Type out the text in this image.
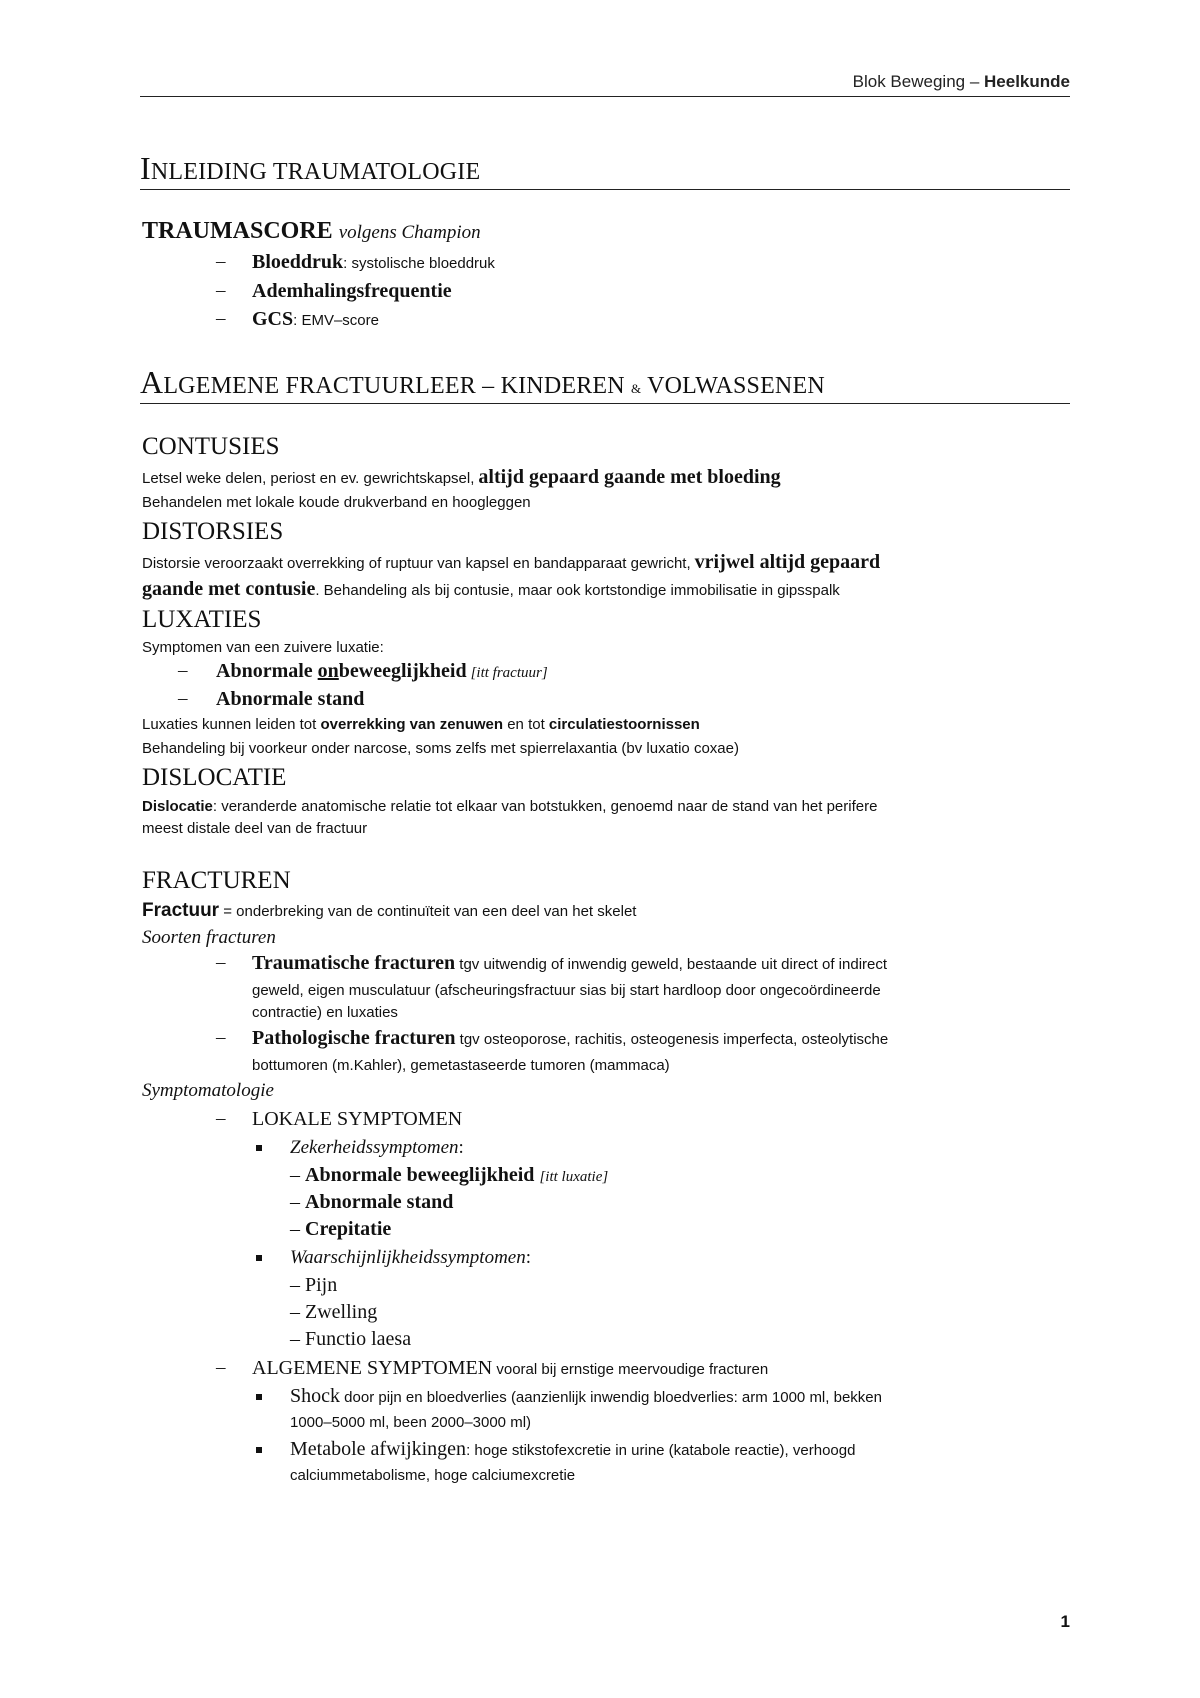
Blok Beweging – Heelkunde
INLEIDING TRAUMATOLOGIE
TRAUMASCORE volgens Champion
– Bloeddruk: systolische bloeddruk
– Ademhalingsfrequentie
– GCS: EMV–score
ALGEMENE FRACTUURLEER – KINDEREN & VOLWASSENEN
CONTUSIES
Letsel weke delen, periost en ev. gewrichtskapsel, altijd gepaard gaande met bloeding
Behandelen met lokale koude drukverband en hoogleggen
DISTORSIES
Distorsie veroorzaakt overrekking of ruptuur van kapsel en bandapparaat gewricht, vrijwel altijd gepaard
gaande met contusie. Behandeling als bij contusie, maar ook kortstondige immobilisatie in gipsspalk
LUXATIES
Symptomen van een zuivere luxatie:
– Abnormale onbeweeglijkheid [itt fractuur]
– Abnormale stand
Luxaties kunnen leiden tot overrekking van zenuwen en tot circulatiestoornissen
Behandeling bij voorkeur onder narcose, soms zelfs met spierrelaxantia (bv luxatio coxae)
DISLOCATIE
Dislocatie: veranderde anatomische relatie tot elkaar van botstukken, genoemd naar de stand van het perifere
meest distale deel van de fractuur
FRACTUREN
Fractuur = onderbreking van de continuïteit van een deel van het skelet
Soorten fracturen
– Traumatische fracturen tgv uitwendig of inwendig geweld, bestaande uit direct of indirect
geweld, eigen musculatuur (afscheuringsfractuur sias bij start hardloop door ongecoördineerde
contractie) en luxaties
– Pathologische fracturen tgv osteoporose, rachitis, osteogenesis imperfecta, osteolytische
bottumoren (m.Kahler), gemetastaseerde tumoren (mammaca)
Symptomatologie
– LOKALE SYMPTOMEN
Zekerheidssymptomen:
– Abnormale beweeglijkheid [itt luxatie]
– Abnormale stand
– Crepitatie
Waarschijnlijkheidssymptomen:
– Pijn
– Zwelling
– Functio laesa
– ALGEMENE SYMPTOMEN vooral bij ernstige meervoudige fracturen
Shock door pijn en bloedverlies (aanzienlijk inwendig bloedverlies: arm 1000 ml, bekken
1000–5000 ml, been 2000–3000 ml)
Metabole afwijkingen: hoge stikstofexcretie in urine (katabole reactie), verhoogd
calciummetabolisme, hoge calciumexcretie
1
